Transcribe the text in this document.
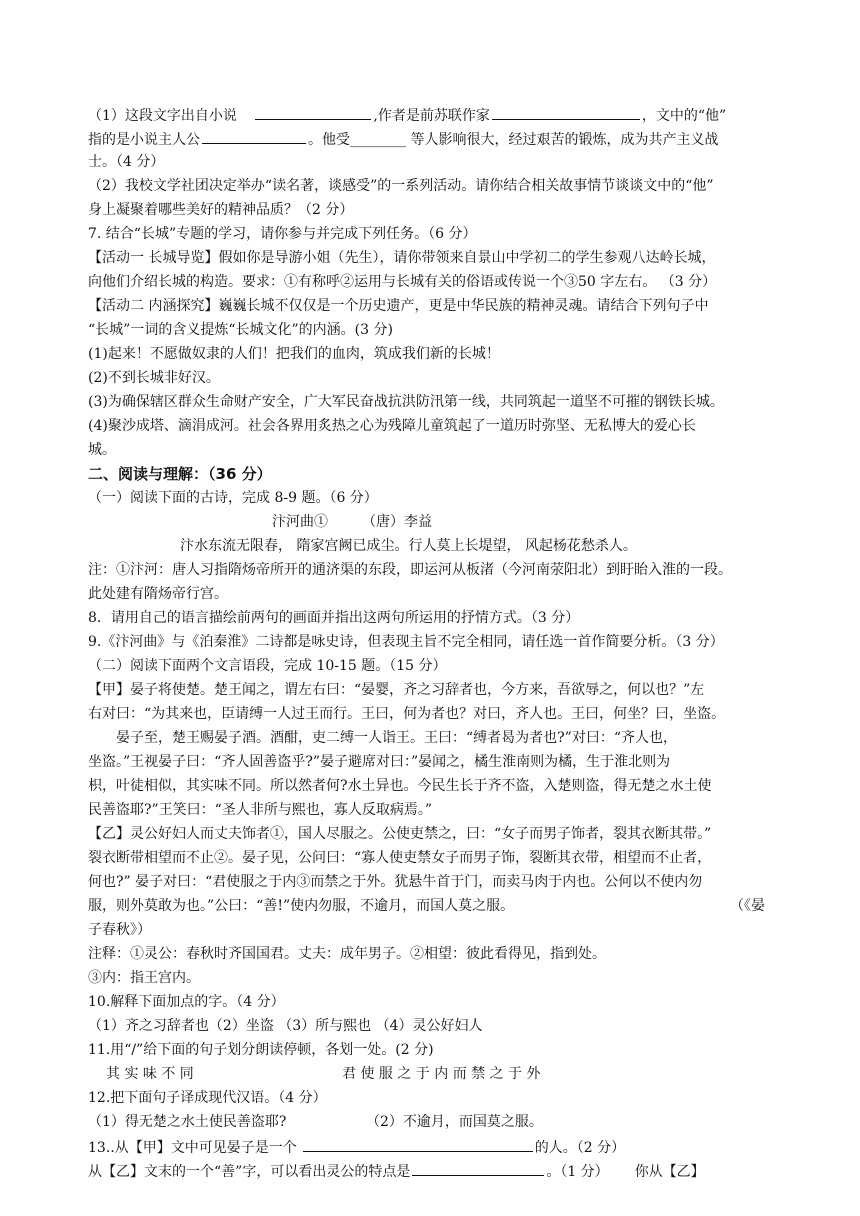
（1）这段文字出自小说	,作者是前苏联作家	，文中的“他”
指的是小说主人公	。他受________ 等人影响很大，经过艰苦的锻炼，成为共产主义战
士。（4 分）
（2）我校文学社团决定举办“读名著，谈感受”的一系列活动。请你结合相关故事情节谈谈文中的“他”
身上凝聚着哪些美好的精神品质？（2 分）
7. 结合“长城”专题的学习，请你参与并完成下列任务。（6 分）
【活动一 长城导览】假如你是导游小姐（先生），请你带领来自景山中学初二的学生参观八达岭长城，
向他们介绍长城的构造。要求：①有称呼②运用与长城有关的俗语或传说一个③50 字左右。 （3 分）
【活动二 内涵探究】巍巍长城不仅仅是一个历史遗产，更是中华民族的精神灵魂。请结合下列句子中
“长城”一词的含义提炼“长城文化”的内涵。(3 分)
(1)起来！不愿做奴隶的人们！把我们的血肉，筑成我们新的长城！
(2)不到长城非好汉。
(3)为确保辖区群众生命财产安全，广大军民奋战抗洪防汛第一线，共同筑起一道坚不可摧的钢铁长城。
(4)聚沙成塔、滴涓成河。社会各界用炙热之心为残障儿童筑起了一道历时弥坚、无私博大的爱心长
城。
二、阅读与理解：（36 分）
（一）阅读下面的古诗，完成 8-9 题。（6 分）
汴河曲① （唐）李益
汴水东流无限春， 隋家宫阙已成尘。行人莫上长堤望， 风起杨花愁杀人。
注：①汴河：唐人习指隋炀帝所开的通济渠的东段，即运河从板渚（今河南荥阳北）到盱眙入淮的一段。
此处建有隋炀帝行宫。
8．请用自己的语言描绘前两句的画面并指出这两句所运用的抒情方式。（3 分）
9.《汴河曲》与《泊秦淮》二诗都是咏史诗，但表现主旨不完全相同，请任选一首作简要分析。（3 分）
（二）阅读下面两个文言语段，完成 10-15 题。（15 分）
【甲】晏子将使楚。楚王闻之，谓左右曰：“晏婴，齐之习辞者也，今方来，吾欲辱之，何以也？”左
右对曰：“为其来也，臣请缚一人过王而行。王曰，何为者也？对曰，齐人也。王曰，何坐？曰，坐盗。
晏子至，楚王赐晏子酒。酒酣，吏二缚一人诣王。王曰：“缚者曷为者也?”对曰：“齐人也，
坐盗。”王视晏子曰：“齐人固善盗乎?”晏子避席对曰：”晏闻之，橘生淮南则为橘，生于淮北则为
枳，叶徒相似，其实味不同。所以然者何?水土异也。今民生长于齐不盗，入楚则盗，得无楚之水土使
民善盗耶?”王笑曰：“圣人非所与熙也，寡人反取病焉。”
【乙】灵公好妇人而丈夫饰者①，国人尽服之。公使吏禁之，曰：“女子而男子饰者，裂其衣断其带。”
裂衣断带相望而不止②。晏子见，公问曰：“寡人使吏禁女子而男子饰，裂断其衣带，相望而不止者，
何也?” 晏子对曰：“君使服之于内③而禁之于外。犹悬牛首于门，而卖马肉于内也。公何以不使内勿
服，则外莫敢为也。”公曰：“善!”使内勿服，不逾月，而国人莫之服。	（《晏
子春秋》）
注释：①灵公：春秋时齐国国君。丈夫：成年男子。②相望：彼此看得见，指到处。
③内：指王宫内。
10.解释下面加点的字。（4 分）
（1）齐之习辞者也（2）坐盗 （3）所与熙也 （4）灵公好妇人
11.用“/”给下面的句子划分朗读停顿，各划一处。(2 分)
其 实 味 不 同	君 使 服 之 于 内 而 禁 之 于 外
12.把下面句子译成现代汉语。（4 分）
（1）得无楚之水土使民善盗耶?	（2）不逾月，而国莫之服。
13..从【甲】文中可见晏子是一个	的人。（2 分）
从【乙】文末的一个“善”字，可以看出灵公的特点是	。（1 分） 你从【乙】
